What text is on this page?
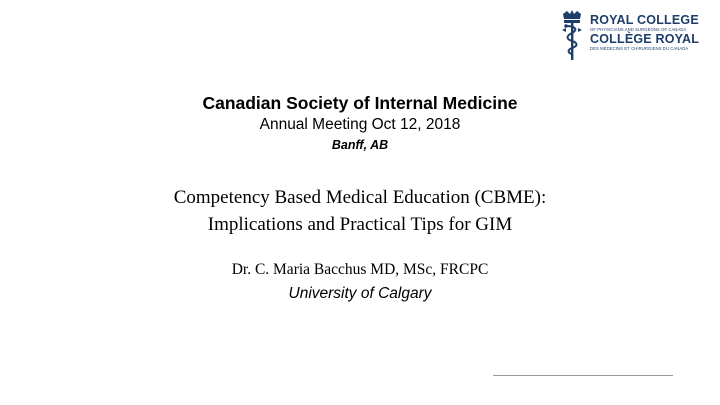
ROYAL COLLEGE
OF PHYSICIANS AND SURGEONS OF CANADA
COLLÈGE ROYAL
DES MÉDECINS ET CHIRURGIENS DU CANADA
Canadian Society of Internal Medicine
Annual Meeting Oct 12, 2018
Banff, AB
Competency Based Medical Education (CBME):
Implications and Practical Tips for GIM
Dr. C. Maria Bacchus MD, MSc, FRCPC
University of Calgary
